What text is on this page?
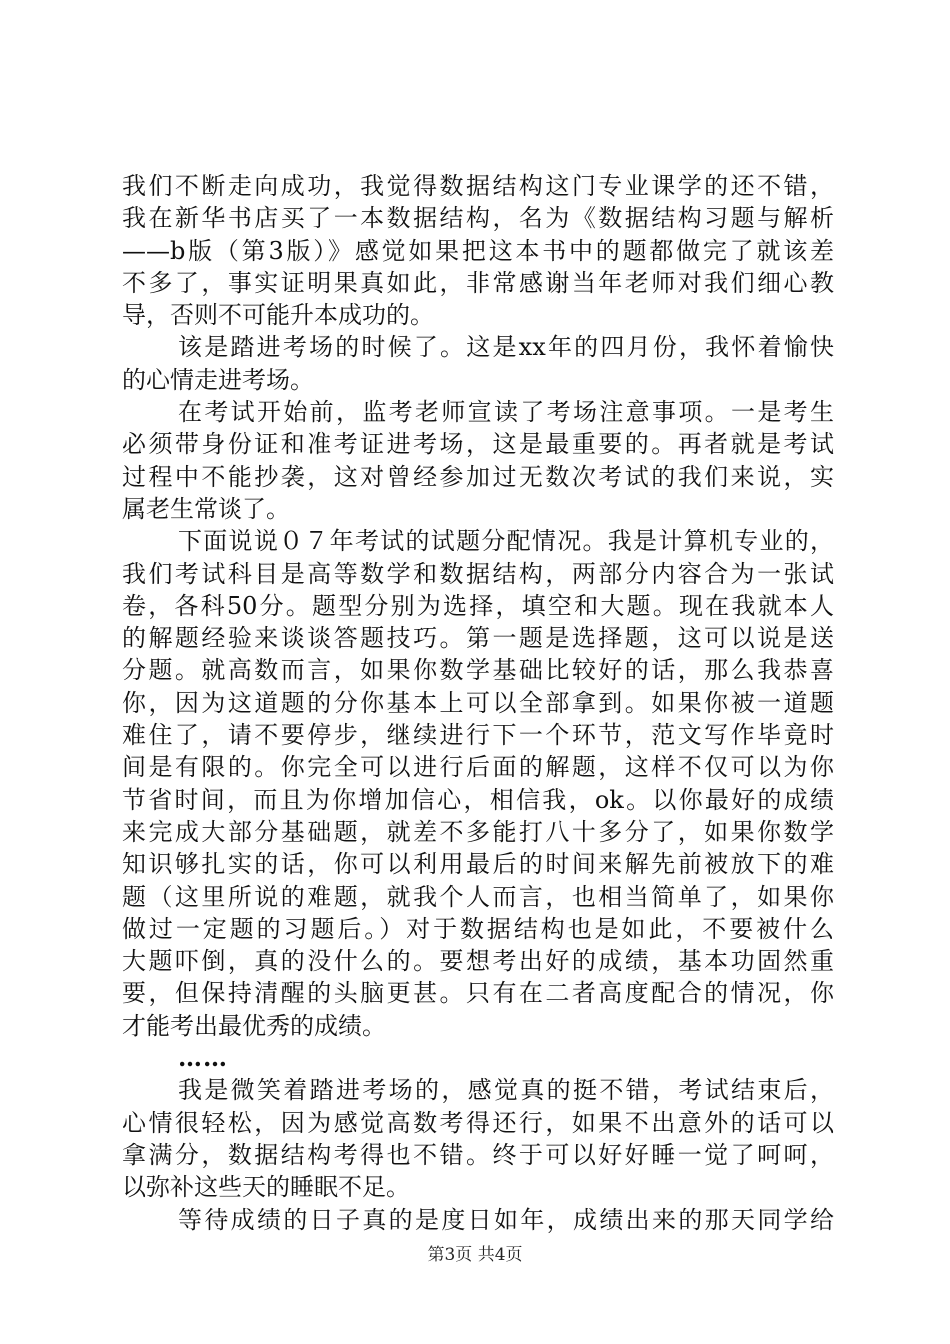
我们不断走向成功，我觉得数据结构这门专业课学的还不错，
我在新华书店买了一本数据结构，名为《数据结构习题与解析
——b版（第3版）》感觉如果把这本书中的题都做完了就该差
不多了，事实证明果真如此，非常感谢当年老师对我们细心教
导，否则不可能升本成功的。
该是踏进考场的时候了。这是xx年的四月份，我怀着愉快
的心情走进考场。
在考试开始前，监考老师宣读了考场注意事项。一是考生
必须带身份证和准考证进考场，这是最重要的。再者就是考试
过程中不能抄袭，这对曾经参加过无数次考试的我们来说，实
属老生常谈了。
下面说说０７年考试的试题分配情况。我是计算机专业的，
我们考试科目是高等数学和数据结构，两部分内容合为一张试
卷，各科50分。题型分别为选择，填空和大题。现在我就本人
的解题经验来谈谈答题技巧。第一题是选择题，这可以说是送
分题。就高数而言，如果你数学基础比较好的话，那么我恭喜
你，因为这道题的分你基本上可以全部拿到。如果你被一道题
难住了，请不要停步，继续进行下一个环节，范文写作毕竟时
间是有限的。你完全可以进行后面的解题，这样不仅可以为你
节省时间，而且为你增加信心，相信我，ok。以你最好的成绩
来完成大部分基础题，就差不多能打八十多分了，如果你数学
知识够扎实的话，你可以利用最后的时间来解先前被放下的难
题（这里所说的难题，就我个人而言，也相当简单了，如果你
做过一定题的习题后。）对于数据结构也是如此，不要被什么
大题吓倒，真的没什么的。要想考出好的成绩，基本功固然重
要，但保持清醒的头脑更甚。只有在二者高度配合的情况，你
才能考出最优秀的成绩。
……
我是微笑着踏进考场的，感觉真的挺不错，考试结束后，
心情很轻松，因为感觉高数考得还行，如果不出意外的话可以
拿满分，数据结构考得也不错。终于可以好好睡一觉了呵呵，
以弥补这些天的睡眠不足。
等待成绩的日子真的是度日如年，成绩出来的那天同学给
第3页 共4页
